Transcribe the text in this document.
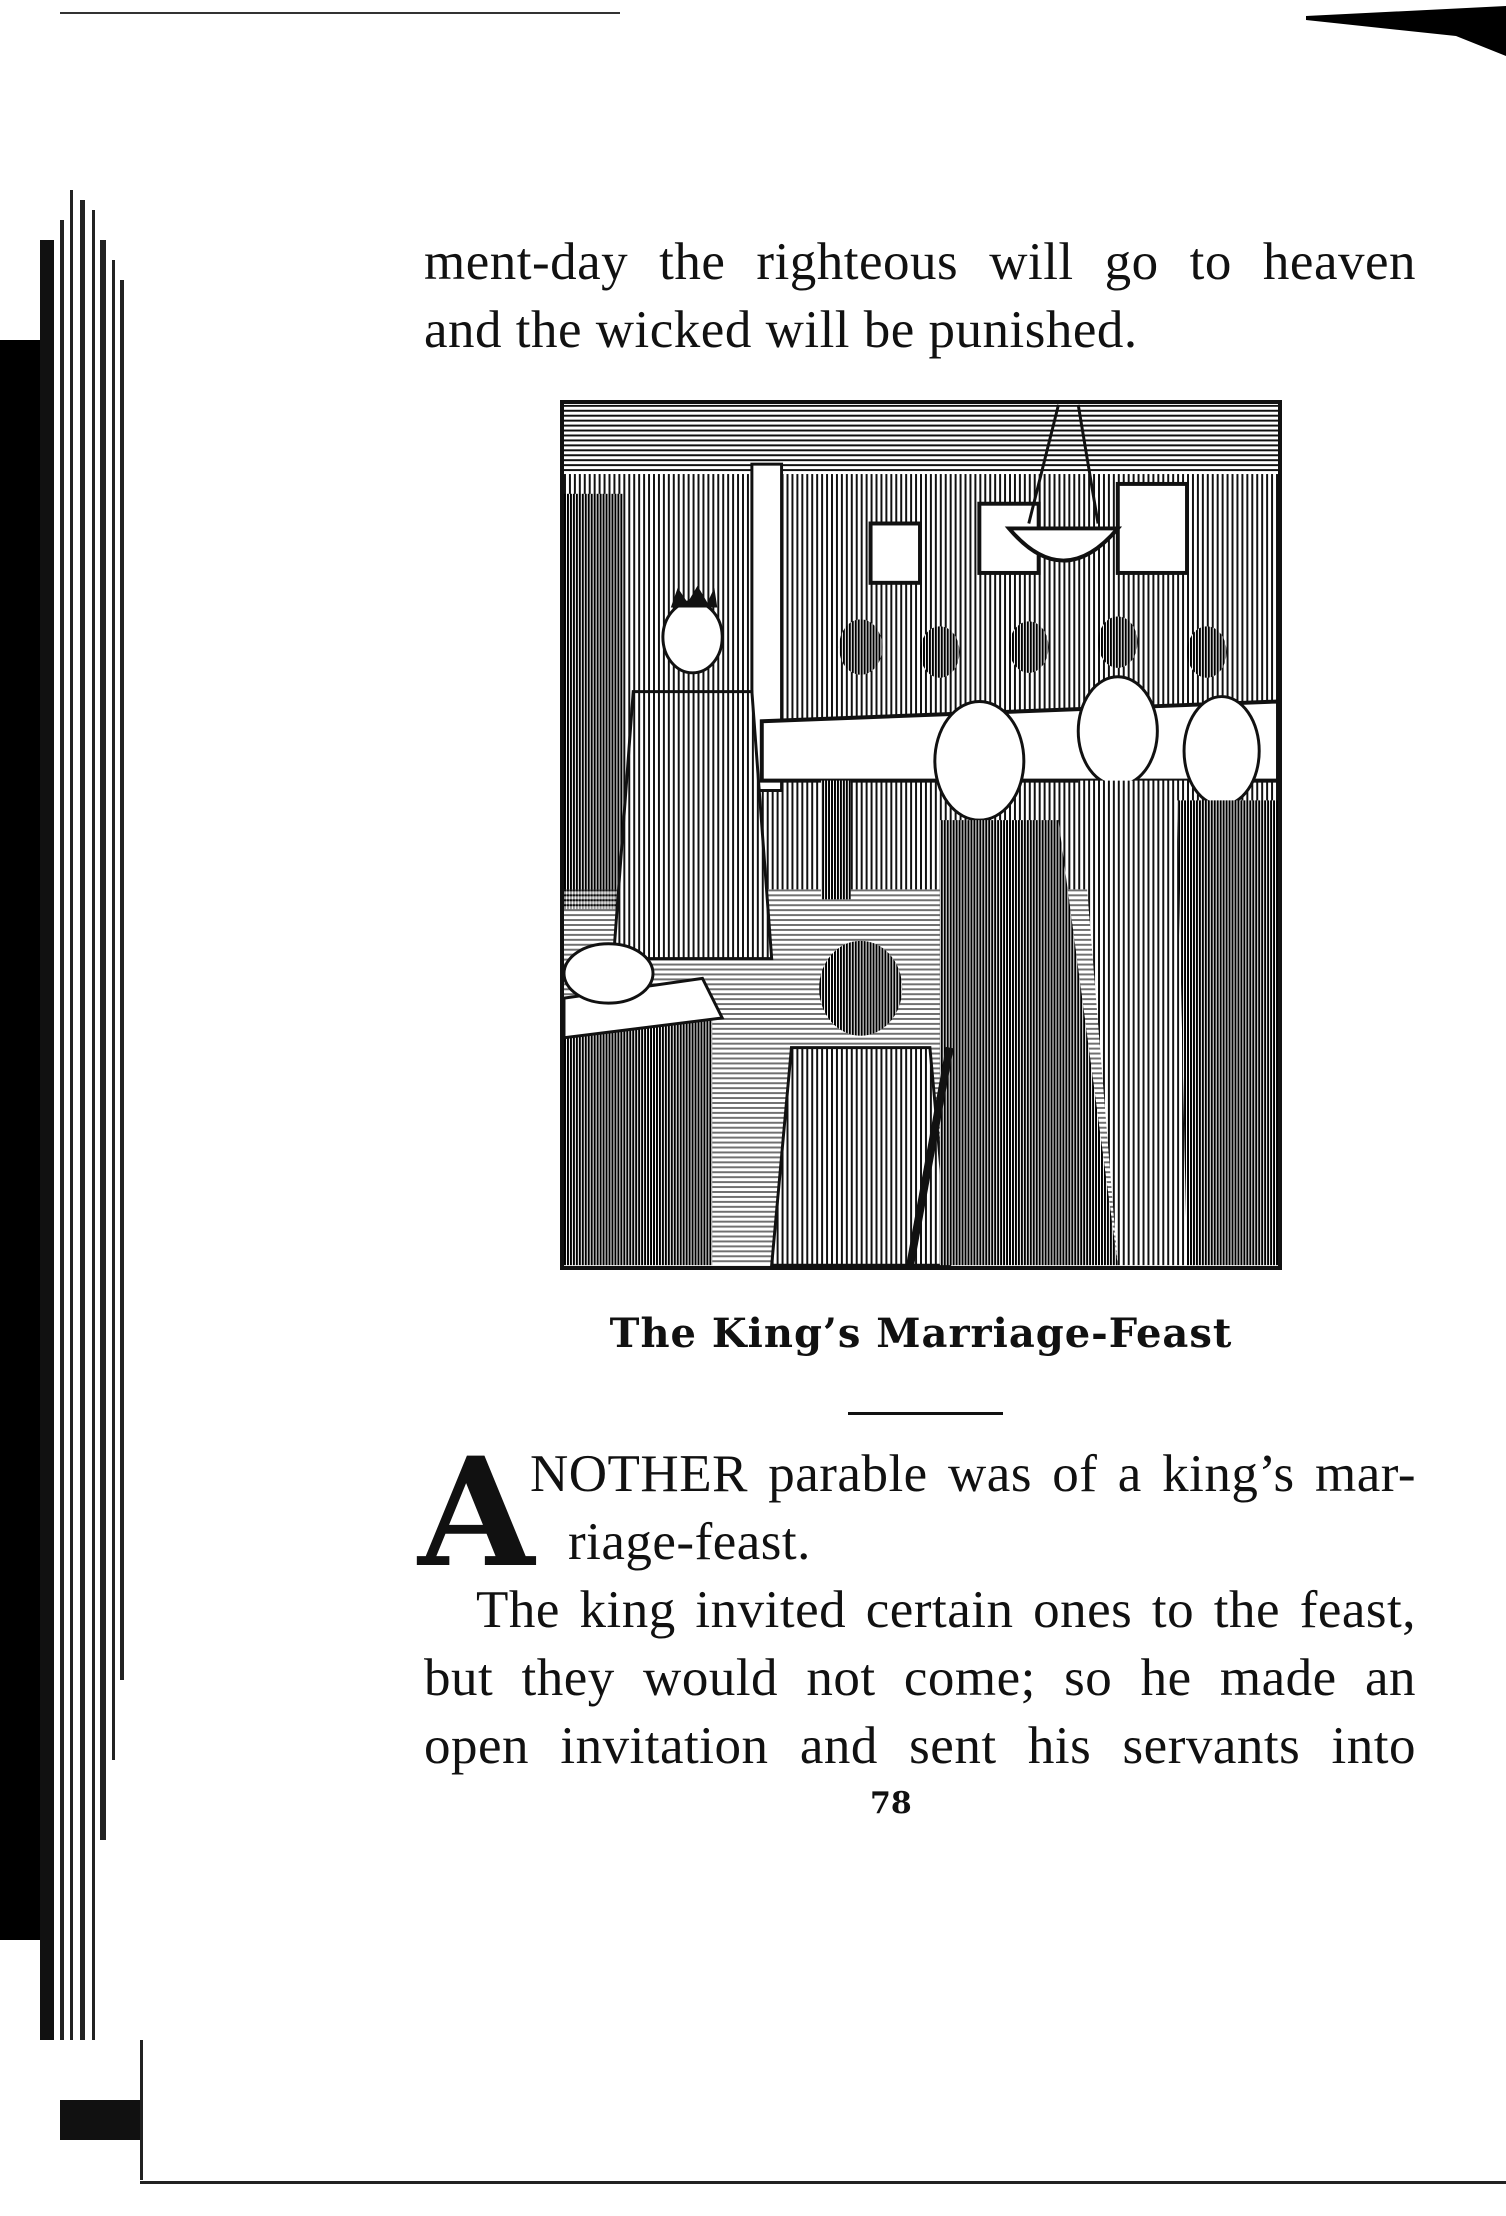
ment-day the righteous will go to heaven
and the wicked will be punished.
The King’s Marriage-Feast
A
NOTHER parable was of a king’s mar-
riage-feast.
The king invited certain ones to the feast,
but they would not come; so he made an
open invitation and sent his servants into
78
